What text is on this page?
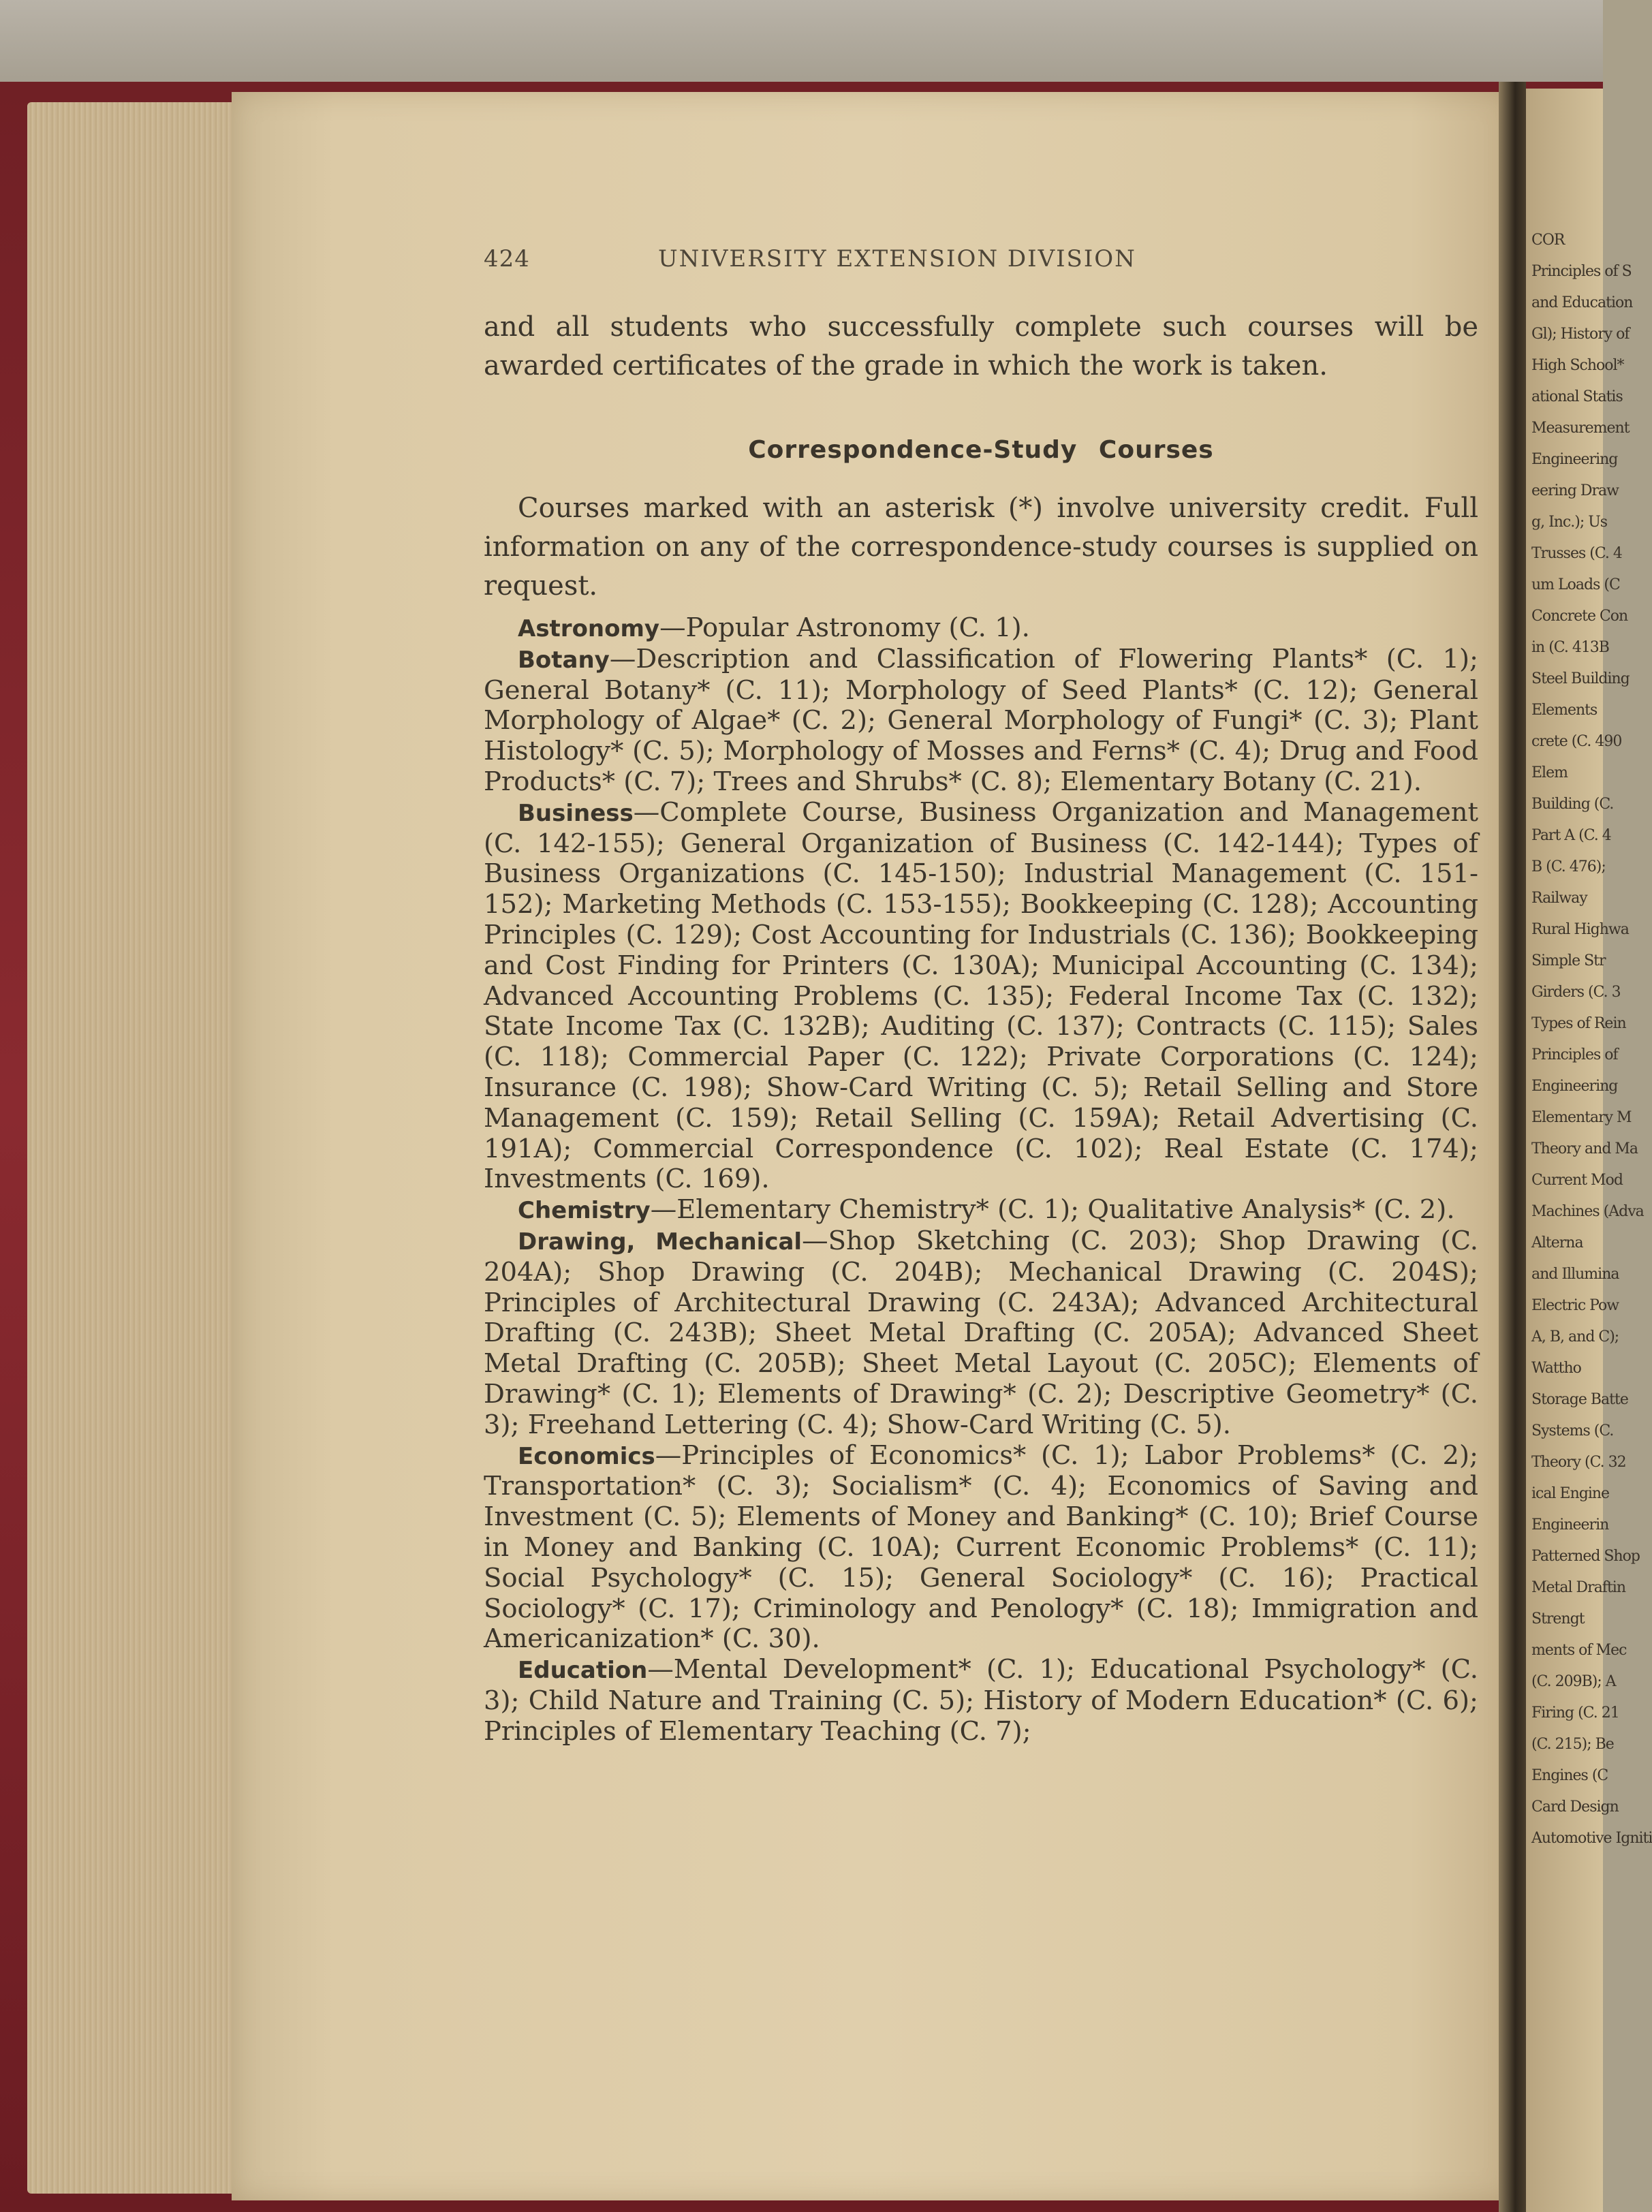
424	UNIVERSITY EXTENSION DIVISION
and all students who successfully complete such courses will be awarded certificates of the grade in which the work is taken.
Correspondence-Study Courses
Courses marked with an asterisk (*) involve university credit. Full information on any of the correspondence-study courses is supplied on request.

Astronomy—Popular Astronomy (C. 1).

Botany—Description and Classification of Flowering Plants* (C. 1); General Botany* (C. 11); Morphology of Seed Plants* (C. 12); General Morphology of Algae* (C. 2); General Morphology of Fungi* (C. 3); Plant Histology* (C. 5); Morphology of Mosses and Ferns* (C. 4); Drug and Food Products* (C. 7); Trees and Shrubs* (C. 8); Elementary Botany (C. 21).

Business—Complete Course, Business Organization and Management (C. 142-155); General Organization of Business (C. 142-144); Types of Business Organizations (C. 145-150); Industrial Management (C. 151-152); Marketing Methods (C. 153-155); Bookkeeping (C. 128); Accounting Principles (C. 129); Cost Accounting for Industrials (C. 136); Bookkeeping and Cost Finding for Printers (C. 130A); Municipal Accounting (C. 134); Advanced Accounting Problems (C. 135); Federal Income Tax (C. 132); State Income Tax (C. 132B); Auditing (C. 137); Contracts (C. 115); Sales (C. 118); Commercial Paper (C. 122); Private Corporations (C. 124); Insurance (C. 198); Show-Card Writing (C. 5); Retail Selling and Store Management (C. 159); Retail Selling (C. 159A); Retail Advertising (C. 191A); Commercial Correspondence (C. 102); Real Estate (C. 174); Investments (C. 169).

Chemistry—Elementary Chemistry* (C. 1); Qualitative Analysis* (C. 2).

Drawing, Mechanical—Shop Sketching (C. 203); Shop Drawing (C. 204A); Shop Drawing (C. 204B); Mechanical Drawing (C. 204S); Principles of Architectural Drawing (C. 243A); Advanced Architectural Drafting (C. 243B); Sheet Metal Drafting (C. 205A); Advanced Sheet Metal Drafting (C. 205B); Sheet Metal Layout (C. 205C); Elements of Drawing* (C. 1); Elements of Drawing* (C. 2); Descriptive Geometry* (C. 3); Freehand Lettering (C. 4); Show-Card Writing (C. 5).

Economics—Principles of Economics* (C. 1); Labor Problems* (C. 2); Transportation* (C. 3); Socialism* (C. 4); Economics of Saving and Investment (C. 5); Elements of Money and Banking* (C. 10); Brief Course in Money and Banking (C. 10A); Current Economic Problems* (C. 11); Social Psychology* (C. 15); General Sociology* (C. 16); Practical Sociology* (C. 17); Criminology and Penology* (C. 18); Immigration and Americanization* (C. 30).

Education—Mental Development* (C. 1); Educational Psychology* (C. 3); Child Nature and Training (C. 5); History of Modern Education* (C. 6); Principles of Elementary Teaching (C. 7);

COR
Principles of S
and Education
Gl); History of
High School*
ational Statis
Measurement
Engineering
eering Draw
g, Inc.); Us
Trusses (C. 4
um Loads (C
Concrete Con
in (C. 413B
Steel Building
Elements
crete (C. 490
Elem
Building (C.
Part A (C. 4
B (C. 476);
Railway
Rural Highwa
Simple Str
Girders (C. 3
Types of Rein
Principles of
Engineering
Elementary M
Theory and Ma
Current Mod
Machines (Adva
Alterna
and Illumina
Electric Pow
A, B, and C);
Wattho
Storage Batte
Systems (C.
Theory (C. 32
ical Engine
Engineerin
Patterned Shop
Metal Draftin
Strengt
ments of Mec
(C. 209B); A
Firing (C. 21
(C. 215); Be
Engines (C
Card Design
Automotive Igniti
